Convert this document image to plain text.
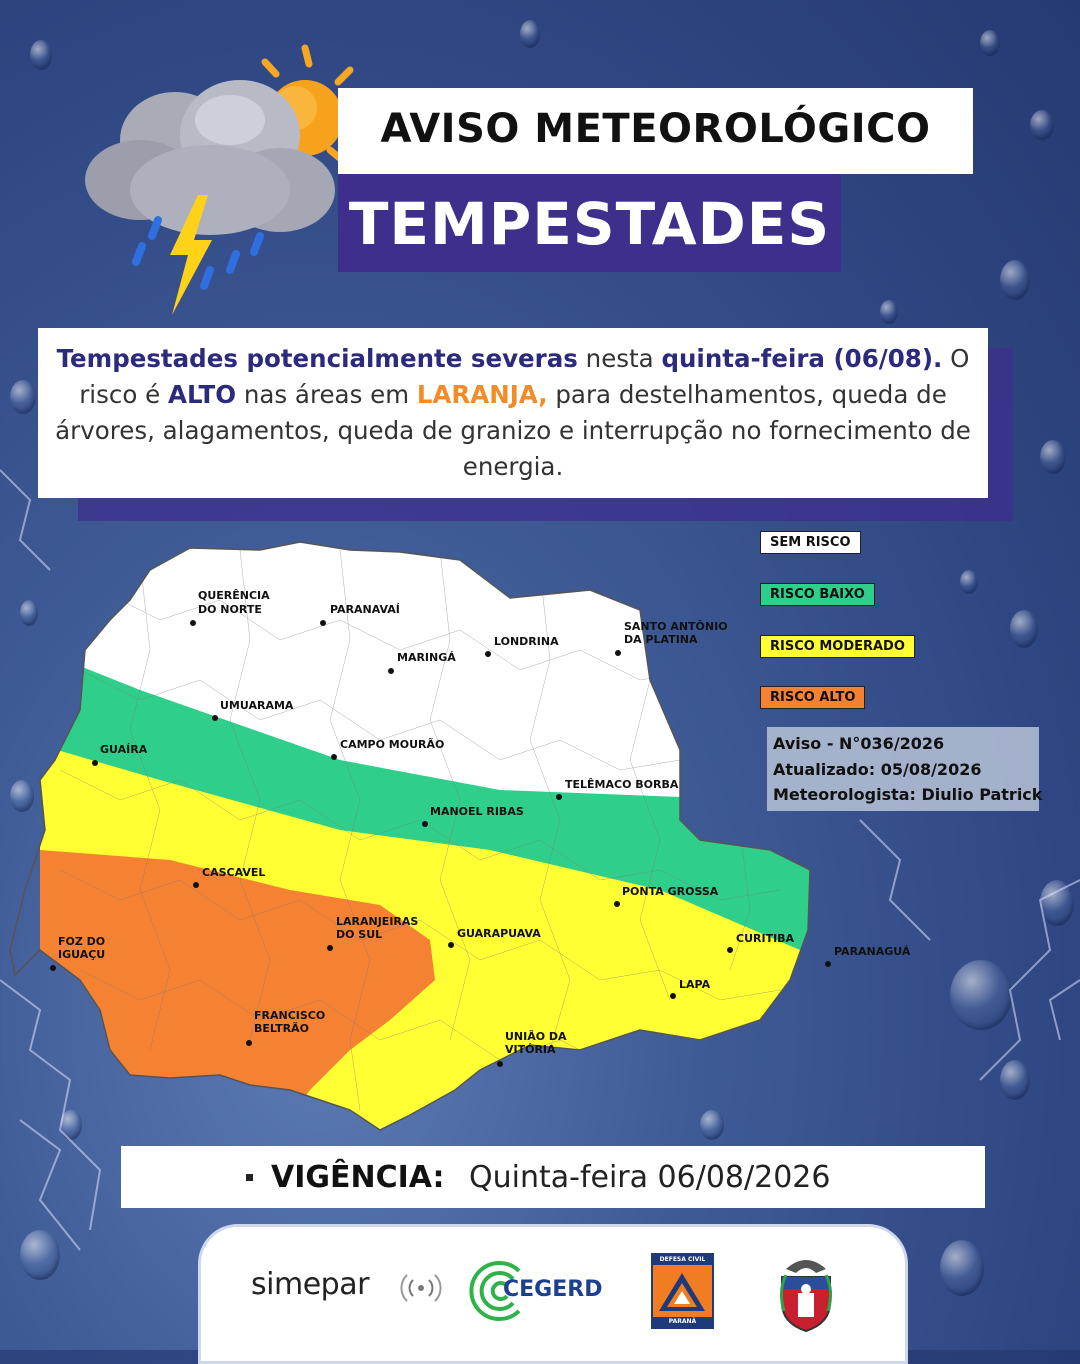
AVISO METEOROLÓGICO
TEMPESTADES
Tempestades potencialmente severas nesta quinta-feira (06/08). O risco é ALTO nas áreas em LARANJA, para destelhamentos, queda de árvores, alagamentos, queda de granizo e interrupção no fornecimento de energia.
QUERÊNCIA
DO NORTE	PARANAVAÍ
LONDRINA
SANTO ANTÔNIO
DA PLATINA
MARINGÁ
UMUARAMA
GUAÍRA	CAMPO MOURÃO
TELÊMACO BORBA
MANOEL RIBAS
CASCAVEL
PONTA GROSSA
LARANJEIRAS
DO SUL	GUARAPUAVA	CURITIBA
FOZ DO
IGUAÇU	PARANAGUÁ
LAPA
FRANCISCO
BELTRÃO
UNIÃO DA
VITÓRIA
SEM RISCO
RISCO BAIXO
RISCO MODERADO
RISCO ALTO
Aviso - N°036/2026
Atualizado: 05/08/2026
Meteorologista: Diulio Patrick
VIGÊNCIA: Quinta-feira 06/08/2026
simepar	CEGERD
DEFESA CIVIL
PARANÁ
